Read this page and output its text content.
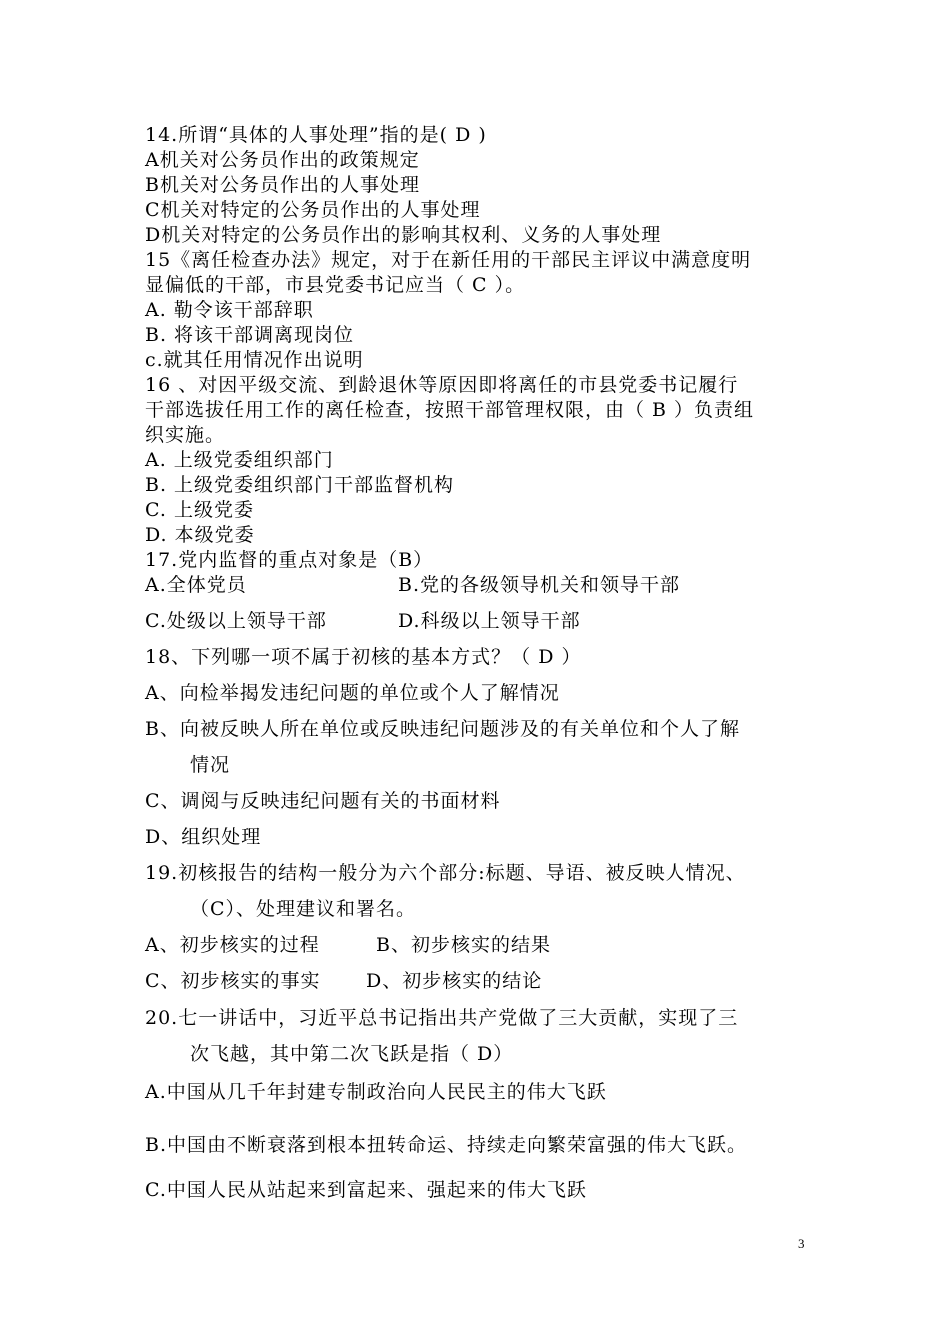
14.所谓“具体的人事处理”指的是( D )
A机关对公务员作出的政策规定
B机关对公务员作出的人事处理
C机关对特定的公务员作出的人事处理
D机关对特定的公务员作出的影响其权利、义务的人事处理
15《离任检查办法》规定，对于在新任用的干部民主评议中满意度明
显偏低的干部，市县党委书记应当（ C ）。
A. 勒令该干部辞职
B. 将该干部调离现岗位
c.就其任用情况作出说明
16 、对因平级交流、到龄退休等原因即将离任的市县党委书记履行
干部选拔任用工作的离任检查，按照干部管理权限，由（ B ）负责组
织实施。
A. 上级党委组织部门
B. 上级党委组织部门干部监督机构
C. 上级党委
D. 本级党委
17.党内监督的重点对象是（B）
A.全体党员	B.党的各级领导机关和领导干部
C.处级以上领导干部	D.科级以上领导干部
18、下列哪一项不属于初核的基本方式？（ D ）
A、向检举揭发违纪问题的单位或个人了解情况
B、向被反映人所在单位或反映违纪问题涉及的有关单位和个人了解
情况
C、调阅与反映违纪问题有关的书面材料
D、组织处理
19.初核报告的结构一般分为六个部分:标题、导语、被反映人情况、
（C）、处理建议和署名。
A、初步核实的过程	B、初步核实的结果
C、初步核实的事实 D、初步核实的结论
20.七一讲话中，习近平总书记指出共产党做了三大贡献，实现了三
次飞越，其中第二次飞跃是指（ D）
A.中国从几千年封建专制政治向人民民主的伟大飞跃
B.中国由不断衰落到根本扭转命运、持续走向繁荣富强的伟大飞跃。
C.中国人民从站起来到富起来、强起来的伟大飞跃
3
